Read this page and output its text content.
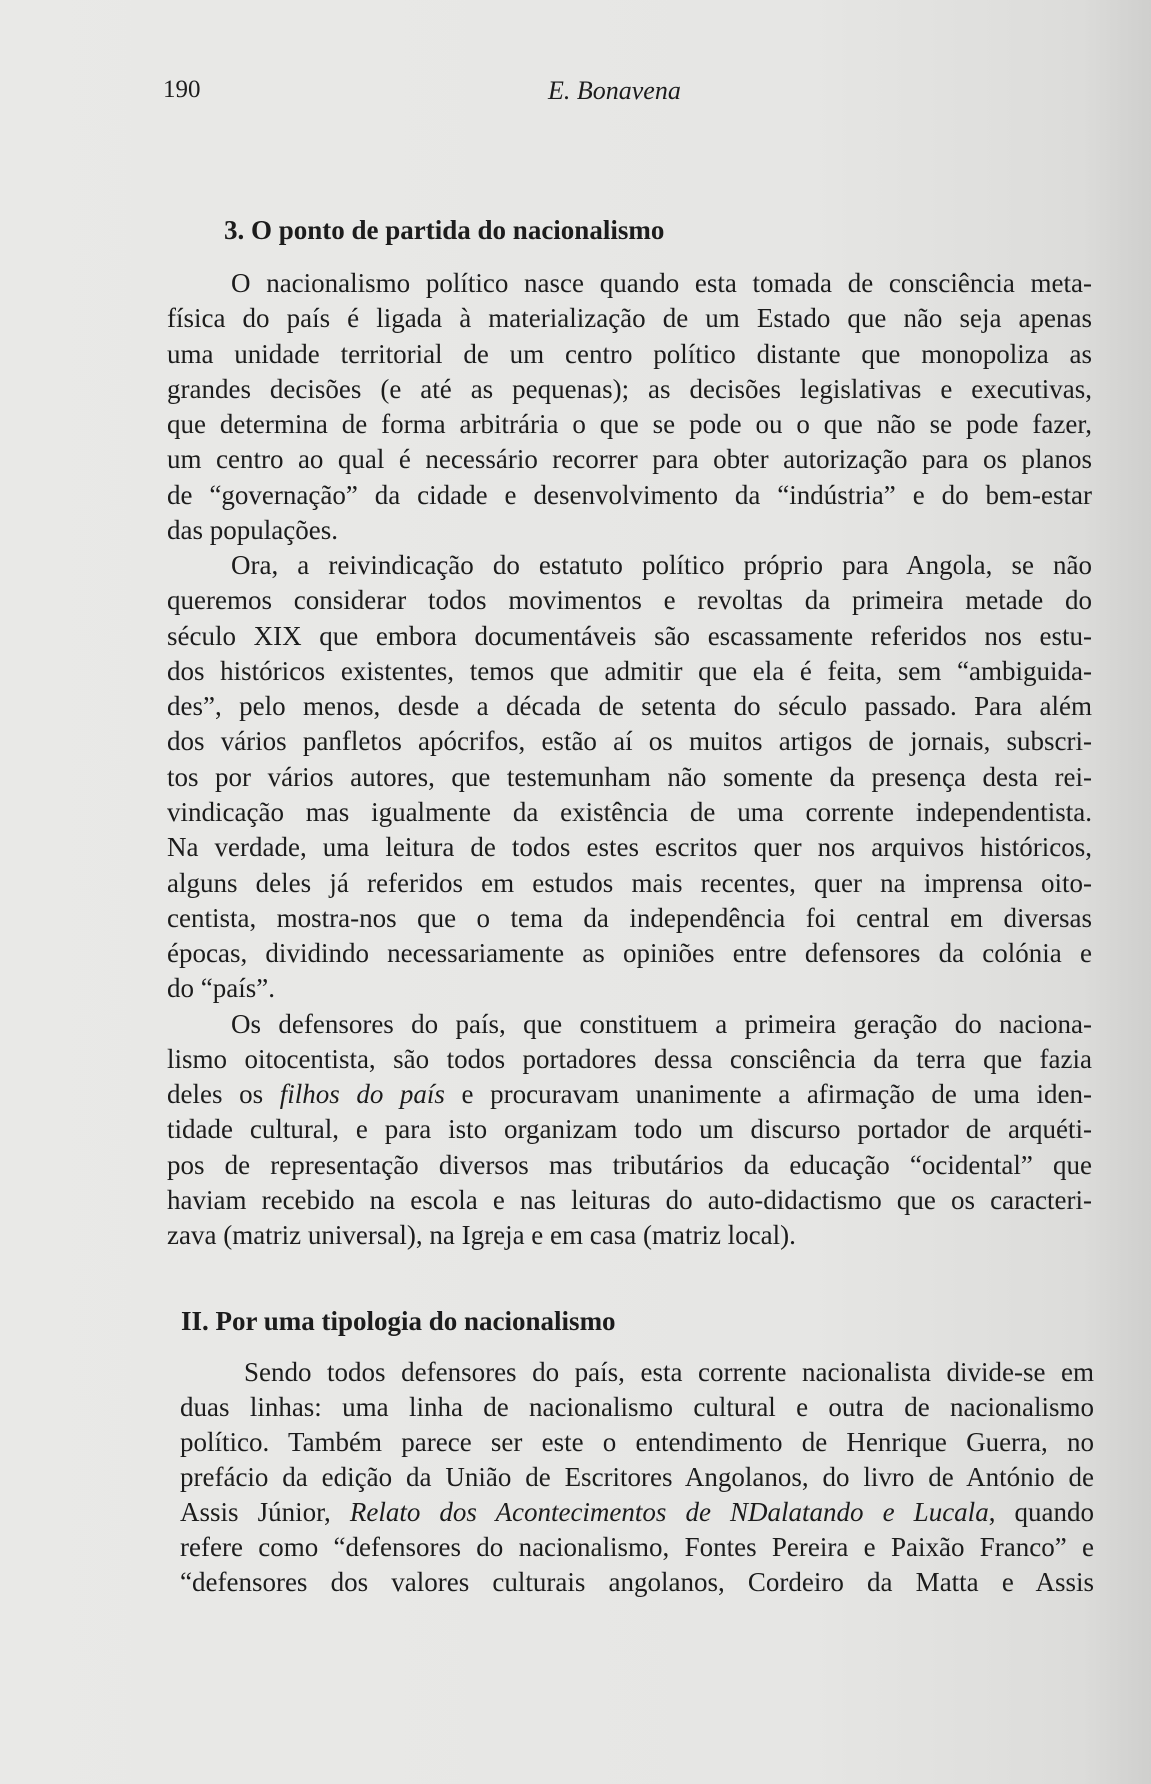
190	E. Bonavena
3. O ponto de partida do nacionalismo
O nacionalismo político nasce quando esta tomada de consciência meta-
física do país é ligada à materialização de um Estado que não seja apenas
uma unidade territorial de um centro político distante que monopoliza as
grandes decisões (e até as pequenas); as decisões legislativas e executivas,
que determina de forma arbitrária o que se pode ou o que não se pode fazer,
um centro ao qual é necessário recorrer para obter autorização para os planos
de “governação” da cidade e desenvolvimento da “indústria” e do bem-estar
das populações.
Ora, a reivindicação do estatuto político próprio para Angola, se não
queremos considerar todos movimentos e revoltas da primeira metade do
século XIX que embora documentáveis são escassamente referidos nos estu-
dos históricos existentes, temos que admitir que ela é feita, sem “ambiguida-
des”, pelo menos, desde a década de setenta do século passado. Para além
dos vários panfletos apócrifos, estão aí os muitos artigos de jornais, subscri-
tos por vários autores, que testemunham não somente da presença desta rei-
vindicação mas igualmente da existência de uma corrente independentista.
Na verdade, uma leitura de todos estes escritos quer nos arquivos históricos,
alguns deles já referidos em estudos mais recentes, quer na imprensa oito-
centista, mostra-nos que o tema da independência foi central em diversas
épocas, dividindo necessariamente as opiniões entre defensores da colónia e
do “país”.
Os defensores do país, que constituem a primeira geração do naciona-
lismo oitocentista, são todos portadores dessa consciência da terra que fazia
deles os filhos do país e procuravam unanimente a afirmação de uma iden-
tidade cultural, e para isto organizam todo um discurso portador de arquéti-
pos de representação diversos mas tributários da educação “ocidental” que
haviam recebido na escola e nas leituras do auto-didactismo que os caracteri-
zava (matriz universal), na Igreja e em casa (matriz local).
II. Por uma tipologia do nacionalismo
Sendo todos defensores do país, esta corrente nacionalista divide-se em
duas linhas: uma linha de nacionalismo cultural e outra de nacionalismo
político. Também parece ser este o entendimento de Henrique Guerra, no
prefácio da edição da União de Escritores Angolanos, do livro de António de
Assis Júnior, Relato dos Acontecimentos de NDalatando e Lucala, quando
refere como “defensores do nacionalismo, Fontes Pereira e Paixão Franco” e
“defensores dos valores culturais angolanos, Cordeiro da Matta e Assis
